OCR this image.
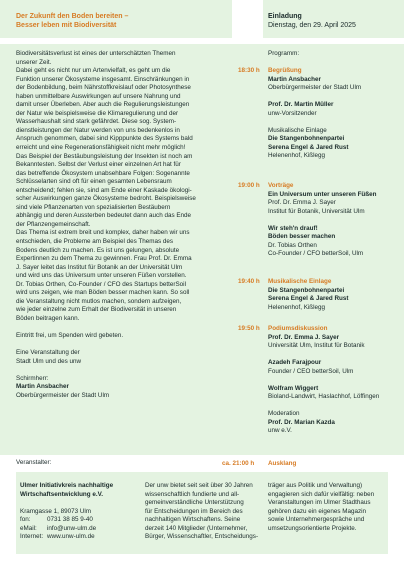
Der Zukunft den Boden bereiten –
Besser leben mit Biodiversität
Einladung
Dienstag, den 29. April 2025

Biodiversitätsverlust ist eines der unterschätzten Themen
unserer Zeit.
Dabei geht es nicht nur um Artenvielfalt, es geht um die
Funktion unserer Ökosysteme insgesamt. Einschränkungen in
der Bodenbildung, beim Nährstoffkreislauf oder Photosynthese
haben unmittelbare Auswirkungen auf unsere Nahrung und
damit unser Überleben. Aber auch die Regulierungsleistungen
der Natur wie beispielsweise die Klimaregulierung und der
Wasserhaushalt sind stark gefährdet. Diese sog. System-
dienstleistungen der Natur werden von uns bedenkenlos in
Anspruch genommen, dabei sind Kipppunkte des Systems bald
erreicht und eine Regenerationsfähigkeit nicht mehr möglich!
Das Beispiel der Bestäubungsleistung der Insekten ist noch am
Bekanntesten. Selbst der Verlust einer einzelnen Art hat für
das betreffende Ökosystem unabsehbare Folgen: Sogenannte
Schlüsselarten sind oft für einen gesamten Lebensraum
entscheidend; fehlen sie, sind am Ende einer Kaskade ökologi-
scher Auswirkungen ganze Ökosysteme bedroht. Beispielsweise
sind viele Pflanzenarten von spezialisierten Bestäubern
abhängig und deren Aussterben bedeutet dann auch das Ende
der Pflanzengemeinschaft.
Das Thema ist extrem breit und komplex, daher haben wir uns
entschieden, die Probleme am Beispiel des Themas des
Bodens deutlich zu machen. Es ist uns gelungen, absolute
Expertinnen zu dem Thema zu gewinnen. Frau Prof. Dr. Emma
J. Sayer leitet das Institut für Botanik an der Universität Ulm
und wird uns das Universum unter unseren Füßen vorstellen.
Dr. Tobias Orthen, Co-Founder / CFO des Startups betterSoil
wird uns zeigen, wie man Böden besser machen kann. So soll
die Veranstaltung nicht mutlos machen, sondern aufzeigen,
wie jeder einzelne zum Erhalt der Biodiversität in unseren
Böden beitragen kann.

Eintritt frei, um Spenden wird gebeten.

Eine Veranstaltung der
Stadt Ulm und des unw

Schirmherr:
Martin Ansbacher
Oberbürgermeister der Stadt Ulm

Programm:
18:30 h	Begrüßung
Martin Ansbacher
Oberbürgermeister der Stadt Ulm
Prof. Dr. Martin Müller
unw-Vorsitzender
Musikalische Einlage
Die Stangenbohnenpartei
Serena Engel & Jared Rust
Helenenhof, Kißlegg
19:00 h	Vorträge
Ein Universum unter unseren Füßen
Prof. Dr. Emma J. Sayer
Institut für Botanik, Universität Ulm
Wir steh'n drauf!
Böden besser machen
Dr. Tobias Orthen
Co-Founder / CFO betterSoil, Ulm
19:40 h	Musikalische Einlage
Die Stangenbohnenpartei
Serena Engel & Jared Rust
Helenenhof, Kißlegg
19:50 h	Podiumsdiskussion
Prof. Dr. Emma J. Sayer
Universität Ulm, Institut für Botanik
Azadeh Farajpour
Founder / CEO betterSoil, Ulm
Wolfram Wiggert
Bioland-Landwirt, Haslachhof, Löffingen
Moderation
Prof. Dr. Marian Kazda
unw e.V.
ca. 21:00 h	Ausklang
Veranstalter:
Ulmer Initiativkreis nachhaltige
Wirtschaftsentwicklung e.V.
Kramgasse 1, 89073 Ulm
fon:	0731 38 85 9-40
eMail:	info@unw-ulm.de
Internet: www.unw-ulm.de
Der unw bietet seit seit über 30 Jahren
wissenschaftlich fundierte und all-
gemeinverständliche Unterstützung
für Entscheidungen im Bereich des
nachhaltigen Wirtschaftens. Seine
derzeit 140 Mitglieder (Unternehmer,
Bürger, Wissenschaftler, Entscheidungs-
träger aus Politik und Verwaltung)
engagieren sich dafür vielfältig: neben
Veranstaltungen im Ulmer Stadthaus
gehören dazu ein eigenes Magazin
sowie Unternehmergespräche und
umsetzungsorientierte Projekte.
